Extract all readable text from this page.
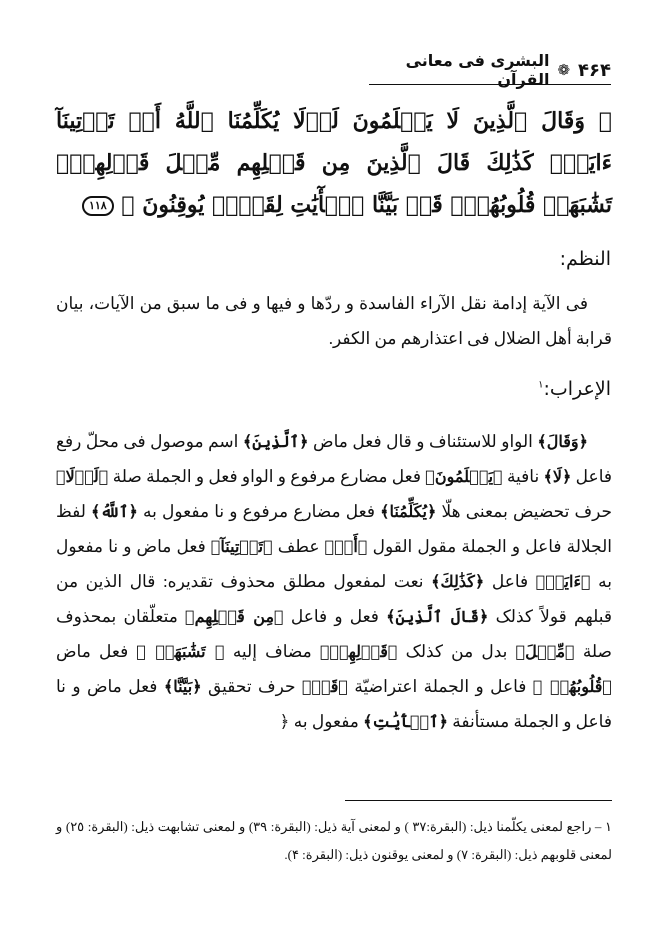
۴۶۴
❁
البشرى فى معانى القرآن
﴿ وَقَالَ ٱلَّذِينَ لَا يَعۡلَمُونَ لَوۡلَا يُكَلِّمُنَا ٱللَّهُ أَوۡ تَأۡتِينَآ ءَايَةٞۗ كَذَٰلِكَ قَالَ ٱلَّذِينَ مِن قَبۡلِهِم مِّثۡلَ قَوۡلِهِمۡۘ تَشَٰبَهَتۡ قُلُوبُهُمۡۗ قَدۡ بَيَّنَّا ٱلۡأٓيَٰتِ لِقَوۡمٖ يُوقِنُونَ ﴾ ١١٨
النظم:
فى الآية إدامة نقل الآراء الفاسدة و ردّها و فيها و فى ما سبق من الآيات، بيان قرابة أهل الضلال فى اعتذارهم من الكفر.
الإعراب:$^١$
﴿وَقَالَ﴾ الواو للاستئناف و قال فعل ماض ﴿ٱلَّذِينَ﴾ اسم موصول فى محلّ رفع فاعل ﴿لَا﴾ نافية ﴿يَعۡلَمُونَ﴾ فعل مضارع مرفوع و الواو فعل و الجملة صلة ﴿لَوۡلَا﴾ حرف تحضيض بمعنى هلّا ﴿يُكَلِّمُنَا﴾ فعل مضارع مرفوع و نا مفعول به ﴿ٱللَّهُ﴾ لفظ الجلالة فاعل و الجملة مقول القول ﴿أَوۡ﴾ عطف ﴿تَأۡتِينَآ﴾ فعل ماض و نا مفعول به ﴿ءَايَةٞ﴾ فاعل ﴿كَذَٰلِكَ﴾ نعت لمفعول مطلق محذوف تقديره: قال الذين من قبلهم قولاً كذلک ﴿قَالَ ٱلَّذِينَ﴾ فعل و فاعل ﴿مِن قَبۡلِهِم﴾ متعلّقان بمحذوف صلة ﴿مِّثۡلَ﴾ بدل من كذلک ﴿قَوۡلِهِمۡ﴾ مضاف إليه ﴿ تَشَٰبَهَتۡ ﴾ فعل ماض ﴿قُلُوبُهُمۡ ﴾ فاعل و الجملة اعتراضيّة ﴿قَدۡ﴾ حرف تحقيق ﴿بَيَّنَّا﴾ فعل ماض و نا فاعل و الجملة مستأنفة ﴿ٱلۡأٓيَٰتِ﴾ مفعول به ﴿
١ – راجع لمعنى يكلّمنا ذيل: (البقرة:٣٧ ) و لمعنى آية ذيل: (البقرة: ٣٩) و لمعنى تشابهت ذيل: (البقرة: ٢٥) و لمعنى قلوبهم ذيل: (البقرة: ٧) و لمعنى يوقنون ذيل: (البقرة: ۴).
